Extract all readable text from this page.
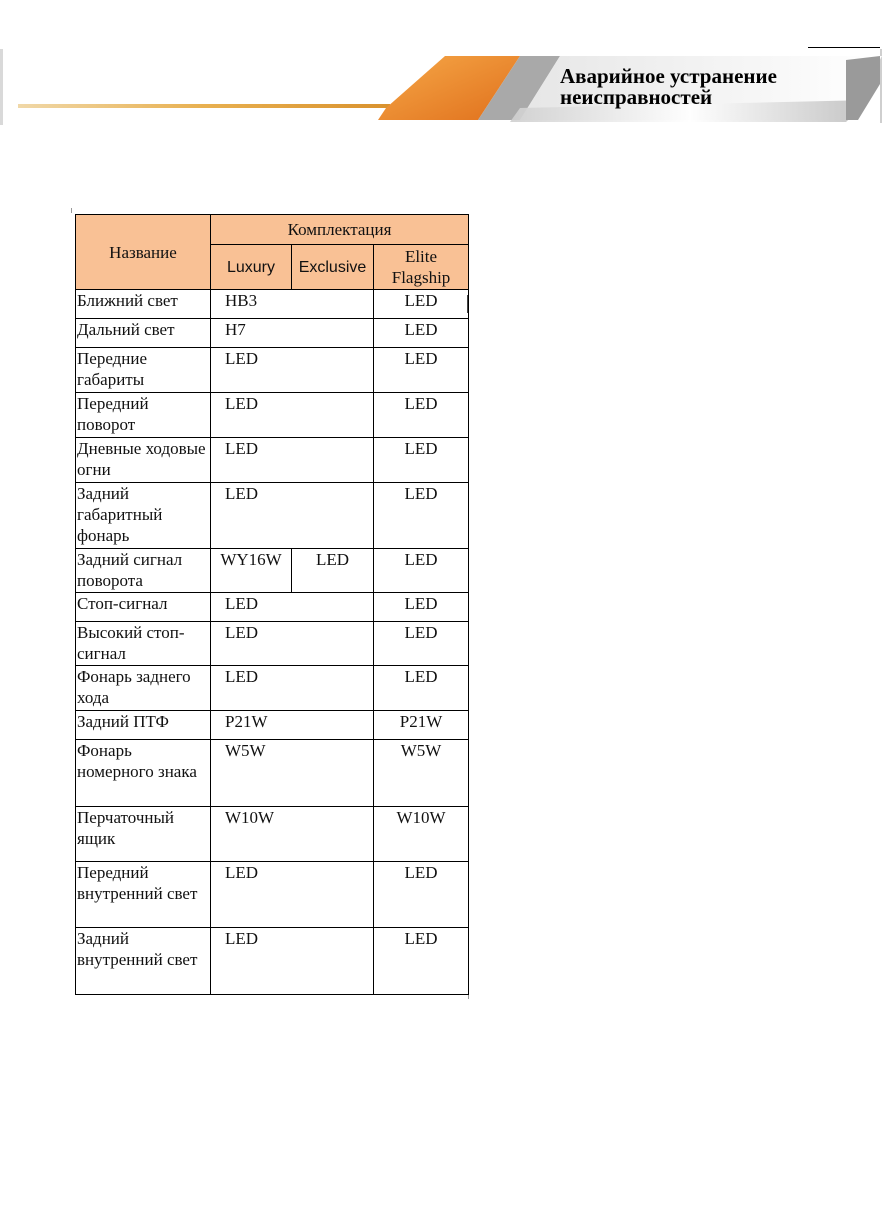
Аварийное устранение
неисправностей
Название	Комплектация		
	Luxury	Exclusive	Elite Flagship
Ближний свет	HB3		LED
Дальний свет	H7		LED
Передние габариты	LED		LED
Передний поворот	LED		LED
Дневные ходовые огни	LED		LED
Задний габаритный фонарь	LED		LED
Задний сигнал поворота	WY16W	LED	LED
Стоп-сигнал	LED		LED
Высокий стоп-сигнал	LED		LED
Фонарь заднего хода	LED		LED
Задний ПТФ	P21W		P21W
Фонарь номерного знака	W5W		W5W
Перчаточный ящик	W10W		W10W
Передний внутренний свет	LED		LED
Задний внутренний свет	LED		LED
